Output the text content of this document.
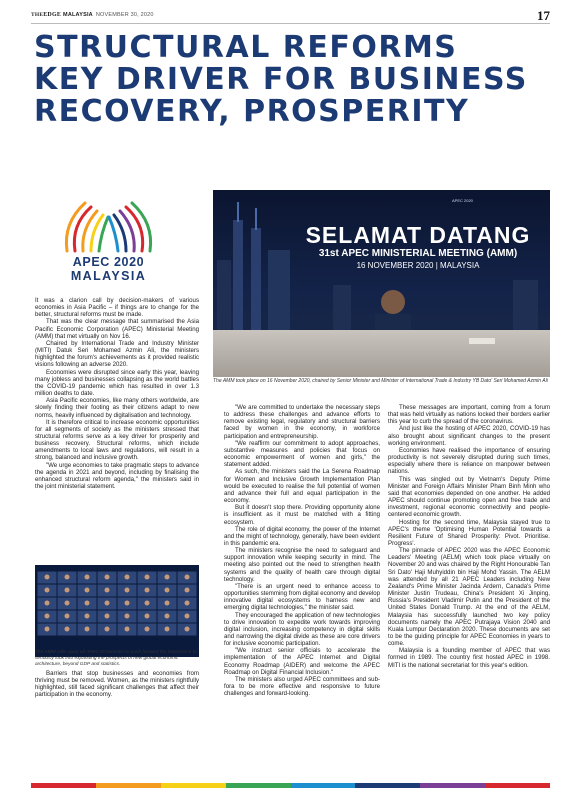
THEEDGE MALAYSIA NOVEMBER 30, 2020	17
STRUCTURAL REFORMS
KEY DRIVER FOR BUSINESS
RECOVERY, PROSPERITY
APEC 2020
MALAYSIA
APEC 2020
SELAMAT DATANG
31st APEC MINISTERIAL MEETING (AMM)
16 NOVEMBER 2020 | MALAYSIA
The AMM took place on 16 November 2020, chaired by Senior Minister and Minister of International Trade & Industry YB Dato' Seri Mohamed Azmin Ali

It was a clarion call by decision-makers of various economies in Asia Pacific – if things are to change for the better, structural reforms must be made.

That was the clear message that summarised the Asia Pacific Economic Corporation (APEC) Ministerial Meeting (AMM) that met virtually on Nov 16.

Chaired by International Trade and Industry Minister (MITI) Datuk Seri Mohamed Azmin Ali, the ministers highlighted the forum's achievements as it provided realistic visions following an adverse 2020.

Economies were disrupted since early this year, leaving many jobless and businesses collapsing as the world battles the COVID-19 pandemic which has resulted in over 1.3 million deaths to date.

Asia Pacific economies, like many others worldwide, are slowly finding their footing as their citizens adapt to new norms, heavily influenced by digitalisation and technology.

It is therefore critical to increase economic opportunities for all segments of society as the ministers stressed that structural reforms serve as a key driver for prosperity and business recovery. Structural reforms, which include amendments to local laws and regulations, will result in a strong, balanced and inclusive growth.

"We urge economies to take pragmatic steps to advance the agenda in 2021 and beyond, including by finalising the enhanced structural reform agenda," the ministers said in the joint ministerial statement.

The AMM calls upon all APEC Economies to push forward the importance to seriously look into expanding the prospects of new global economic architecture, beyond GDP and statistics.

Barriers that stop businesses and economies from thriving must be removed. Women, as the ministers rightfully highlighted, still faced significant challenges that affect their participation in the economy.

"We are committed to undertake the necessary steps to address these challenges and advance efforts to remove existing legal, regulatory and structural barriers faced by women in the economy, in workforce participation and entrepreneurship.

"We reaffirm our commitment to adopt approaches, substantive measures and policies that focus on economic empowerment of women and girls," the statement added.

As such, the ministers said the La Serena Roadmap for Women and Inclusive Growth Implementation Plan would be executed to realise the full potential of women and advance their full and equal participation in the economy.

But it doesn't stop there. Providing opportunity alone is insufficient as it must be matched with a fitting ecosystem.

The role of digital economy, the power of the Internet and the might of technology, generally, have been evident in this pandemic era.

The ministers recognise the need to safeguard and support innovation while keeping security in mind. The meeting also pointed out the need to strengthen health systems and the quality of health care through digital technology.

"There is an urgent need to enhance access to opportunities stemming from digital economy and develop innovative digital ecosystems to harness new and emerging digital technologies," the minister said.

They encouraged the application of new technologies to drive innovation to expedite work towards improving digital inclusion, increasing competency in digital skills and narrowing the digital divide as these are core drivers for inclusive economic participation.

"We instruct senior officials to accelerate the implementation of the APEC Internet and Digital Economy Roadmap (AIDER) and welcome the APEC Roadmap on Digital Financial Inclusion."

The ministers also urged APEC committees and sub-fora to be more effective and responsive to future challenges and forward-looking.

These messages are important, coming from a forum that was held virtually as nations locked their borders earlier this year to curb the spread of the coronavirus.

And just like the hosting of APEC 2020, COVID-19 has also brought about significant changes to the present working environment.

Economies have realised the importance of ensuring productivity is not severely disrupted during such times, especially where there is reliance on manpower between nations.

This was singled out by Vietnam's Deputy Prime Minister and Foreign Affairs Minister Pham Binh Minh who said that economies depended on one another. He added APEC should continue promoting open and free trade and investment, regional economic connectivity and people-centered economic growth.

Hosting for the second time, Malaysia stayed true to APEC's theme 'Optimising Human Potential towards a Resilient Future of Shared Prosperity: Pivot. Prioritise. Progress'.

The pinnacle of APEC 2020 was the APEC Economic Leaders' Meeting (AELM) which took place virtually on November 20 and was chaired by the Right Honourable Tan Sri Dato' Haji Muhyiddin bin Haji Mohd Yassin. The AELM was attended by all 21 APEC Leaders including New Zealand's Prime Minister Jacinda Ardern, Canada's Prime Minister Justin Trudeau, China's President Xi Jinping, Russia's President Vladimir Putin and the President of the United States Donald Trump. At the end of the AELM, Malaysia has successfully launched two key policy documents namely the APEC Putrajaya Vision 2040 and Kuala Lumpur Declaration 2020. These documents are set to be the guiding principle for APEC Economies in years to come.

Malaysia is a founding member of APEC that was formed in 1989. The country first hosted APEC in 1998. MITI is the national secretariat for this year's edition.
